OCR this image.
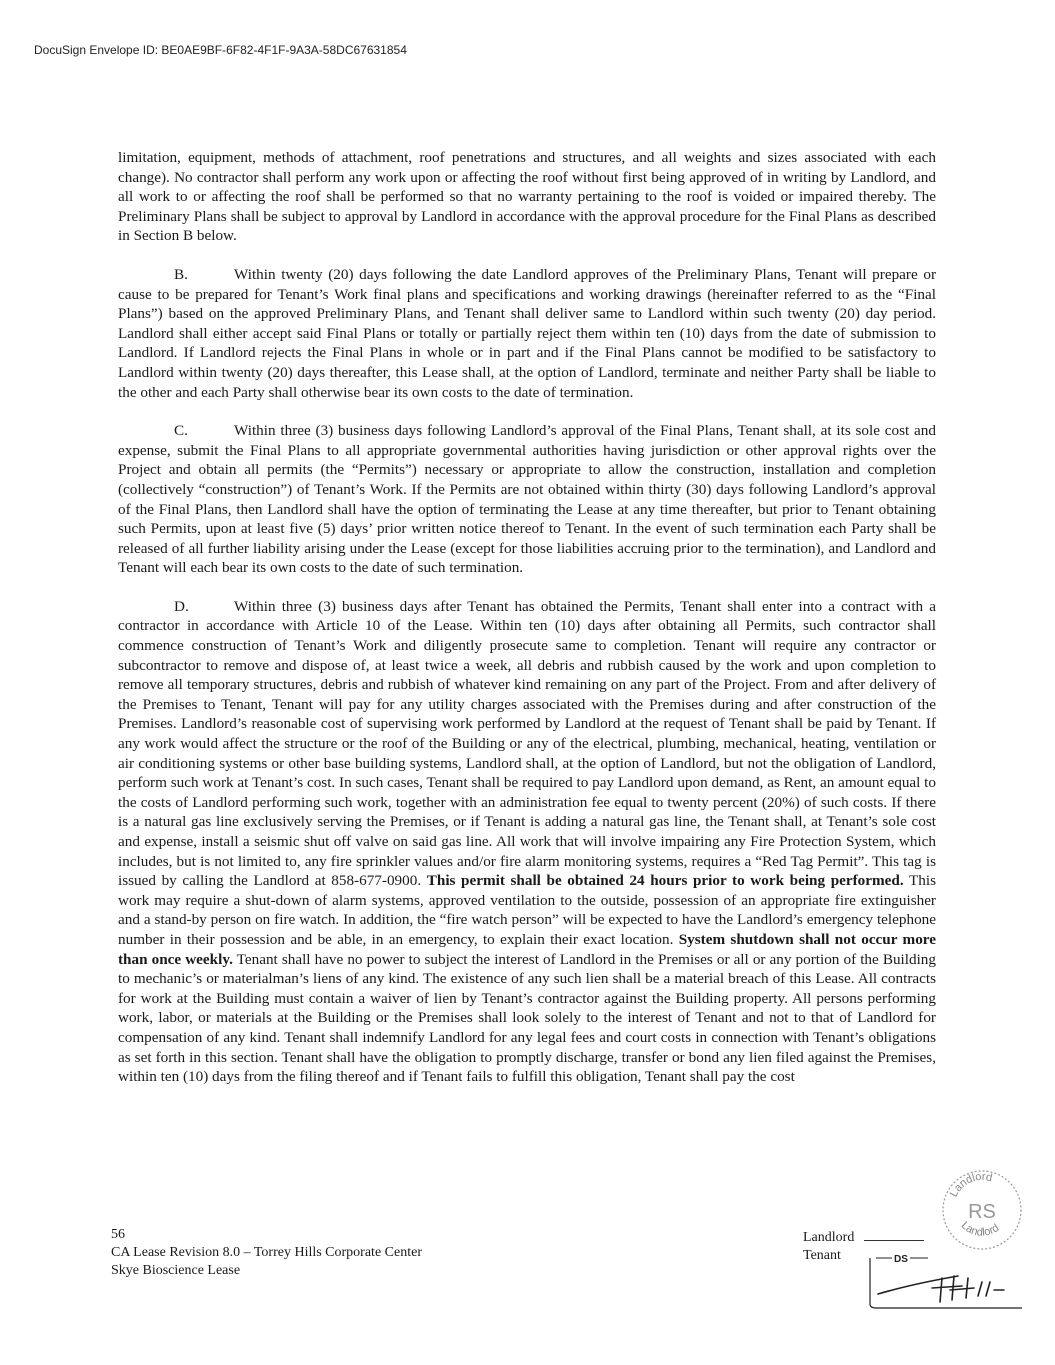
DocuSign Envelope ID: BE0AE9BF-6F82-4F1F-9A3A-58DC67631854

limitation, equipment, methods of attachment, roof penetrations and structures, and all weights and sizes associated with each change). No contractor shall perform any work upon or affecting the roof without first being approved of in writing by Landlord, and all work to or affecting the roof shall be performed so that no warranty pertaining to the roof is voided or impaired thereby. The Preliminary Plans shall be subject to approval by Landlord in accordance with the approval procedure for the Final Plans as described in Section B below.

B.	Within twenty (20) days following the date Landlord approves of the Preliminary Plans, Tenant will prepare or cause to be prepared for Tenant’s Work final plans and specifications and working drawings (hereinafter referred to as the “Final Plans”) based on the approved Preliminary Plans, and Tenant shall deliver same to Landlord within such twenty (20) day period. Landlord shall either accept said Final Plans or totally or partially reject them within ten (10) days from the date of submission to Landlord. If Landlord rejects the Final Plans in whole or in part and if the Final Plans cannot be modified to be satisfactory to Landlord within twenty (20) days thereafter, this Lease shall, at the option of Landlord, terminate and neither Party shall be liable to the other and each Party shall otherwise bear its own costs to the date of termination.

C.	Within three (3) business days following Landlord’s approval of the Final Plans, Tenant shall, at its sole cost and expense, submit the Final Plans to all appropriate governmental authorities having jurisdiction or other approval rights over the Project and obtain all permits (the “Permits”) necessary or appropriate to allow the construction, installation and completion (collectively “construction”) of Tenant’s Work. If the Permits are not obtained within thirty (30) days following Landlord’s approval of the Final Plans, then Landlord shall have the option of terminating the Lease at any time thereafter, but prior to Tenant obtaining such Permits, upon at least five (5) days’ prior written notice thereof to Tenant. In the event of such termination each Party shall be released of all further liability arising under the Lease (except for those liabilities accruing prior to the termination), and Landlord and Tenant will each bear its own costs to the date of such termination.

D.	Within three (3) business days after Tenant has obtained the Permits, Tenant shall enter into a contract with a contractor in accordance with Article 10 of the Lease. Within ten (10) days after obtaining all Permits, such contractor shall commence construction of Tenant’s Work and diligently prosecute same to completion. Tenant will require any contractor or subcontractor to remove and dispose of, at least twice a week, all debris and rubbish caused by the work and upon completion to remove all temporary structures, debris and rubbish of whatever kind remaining on any part of the Project. From and after delivery of the Premises to Tenant, Tenant will pay for any utility charges associated with the Premises during and after construction of the Premises. Landlord’s reasonable cost of supervising work performed by Landlord at the request of Tenant shall be paid by Tenant. If any work would affect the structure or the roof of the Building or any of the electrical, plumbing, mechanical, heating, ventilation or air conditioning systems or other base building systems, Landlord shall, at the option of Landlord, but not the obligation of Landlord, perform such work at Tenant’s cost. In such cases, Tenant shall be required to pay Landlord upon demand, as Rent, an amount equal to the costs of Landlord performing such work, together with an administration fee equal to twenty percent (20%) of such costs. If there is a natural gas line exclusively serving the Premises, or if Tenant is adding a natural gas line, the Tenant shall, at Tenant’s sole cost and expense, install a seismic shut off valve on said gas line. All work that will involve impairing any Fire Protection System, which includes, but is not limited to, any fire sprinkler values and/or fire alarm monitoring systems, requires a “Red Tag Permit”. This tag is issued by calling the Landlord at 858-677-0900. This permit shall be obtained 24 hours prior to work being performed. This work may require a shut-down of alarm systems, approved ventilation to the outside, possession of an appropriate fire extinguisher and a stand-by person on fire watch. In addition, the “fire watch person” will be expected to have the Landlord’s emergency telephone number in their possession and be able, in an emergency, to explain their exact location. System shutdown shall not occur more than once weekly. Tenant shall have no power to subject the interest of Landlord in the Premises or all or any portion of the Building to mechanic’s or materialman’s liens of any kind. The existence of any such lien shall be a material breach of this Lease. All contracts for work at the Building must contain a waiver of lien by Tenant’s contractor against the Building property. All persons performing work, labor, or materials at the Building or the Premises shall look solely to the interest of Tenant and not to that of Landlord for compensation of any kind. Tenant shall indemnify Landlord for any legal fees and court costs in connection with Tenant’s obligations as set forth in this section. Tenant shall have the obligation to promptly discharge, transfer or bond any lien filed against the Premises, within ten (10) days from the filing thereof and if Tenant fails to fulfill this obligation, Tenant shall pay the cost

56
CA Lease Revision 8.0 – Torrey Hills Corporate Center
Skye Bioscience Lease
Landlord
Tenant
Landlord
Landlord
RS
DS
